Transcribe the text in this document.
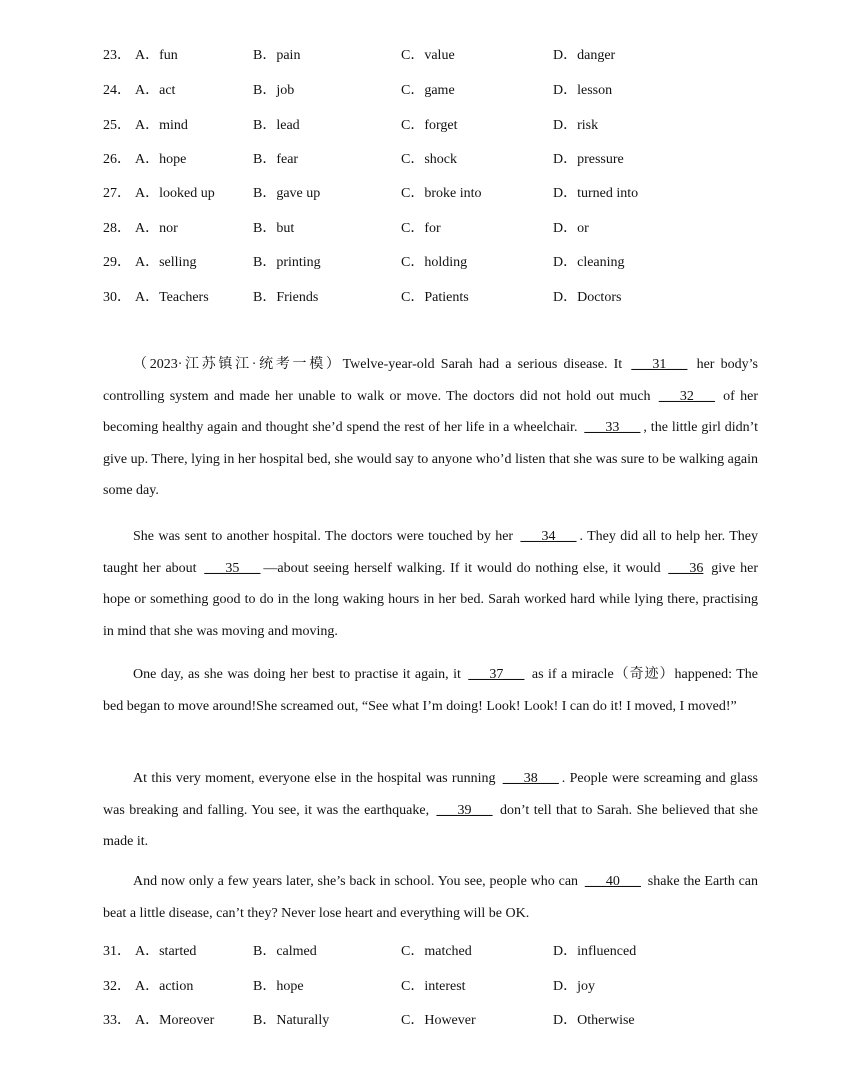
23． A．fun	B．pain	C．value	D．danger
24． A．act	B．job	C．game	D．lesson
25． A．mind	B．lead	C．forget	D．risk
26． A．hope	B．fear	C．shock	D．pressure
27． A．looked up	B．gave up	C．broke into	D．turned into
28． A．nor	B．but	C．for	D．or
29． A．selling	B．printing	C．holding	D．cleaning
30． A．Teachers	B．Friends	C．Patients	D．Doctors

（2023·江苏镇江·统考一模）Twelve-year-old Sarah had a serious disease. It ___31___ her body’s controlling system and made her unable to walk or move. The doctors did not hold out much ___32___ of her becoming healthy again and thought she’d spend the rest of her life in a wheelchair. ___33___ , the little girl didn’t give up. There, lying in her hospital bed, she would say to anyone who’d listen that she was sure to be walking again some day.

She was sent to another hospital. The doctors were touched by her ___34___ . They did all to help her. They taught her about ___35___ —about seeing herself walking. If it would do nothing else, it would ___36 give her hope or something good to do in the long waking hours in her bed. Sarah worked hard while lying there, practising in mind that she was moving and moving.

One day, as she was doing her best to practise it again, it ___37___ as if a miracle（奇迹）happened: The bed began to move around!She screamed out, “See what I’m doing! Look! Look! I can do it! I moved, I moved!”

At this very moment, everyone else in the hospital was running ___38___ . People were screaming and glass was breaking and falling. You see, it was the earthquake, ___39___ don’t tell that to Sarah. She believed that she made it.

And now only a few years later, she’s back in school. You see, people who can ___40___ shake the Earth can beat a little disease, can’t they? Never lose heart and everything will be OK.

31． A．started	B．calmed	C．matched	D．influenced
32． A．action	B．hope	C．interest	D．joy
33． A．Moreover	B．Naturally	C．However	D．Otherwise
